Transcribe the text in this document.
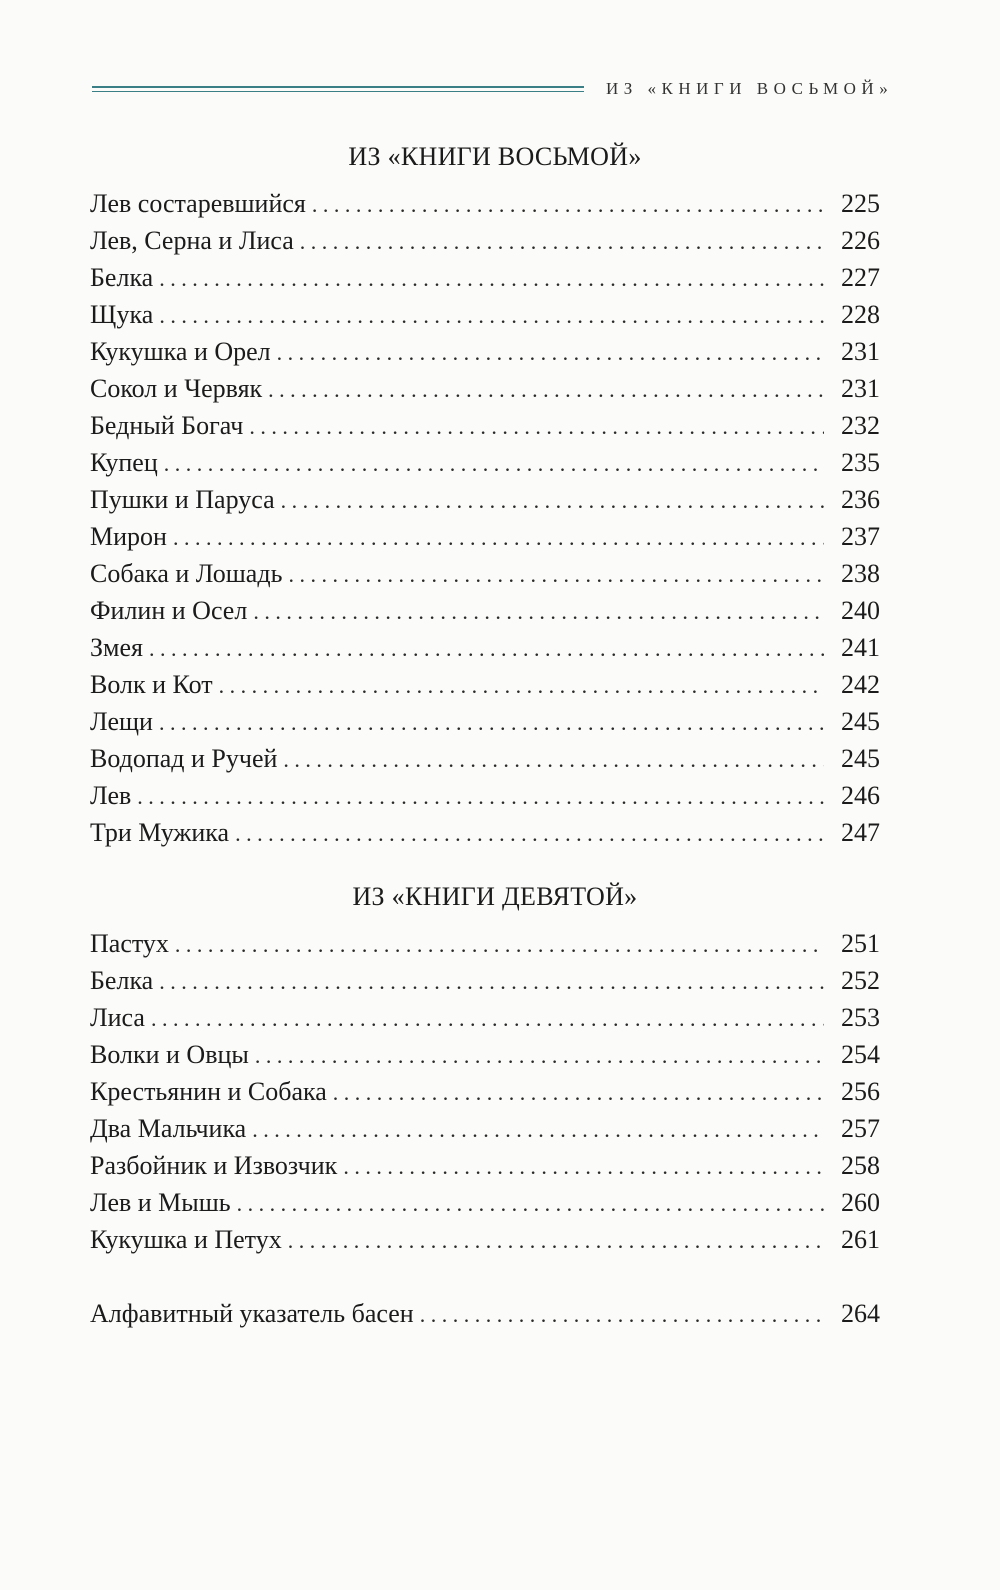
ИЗ «КНИГИ ВОСЬМОЙ»
ИЗ «КНИГИ ВОСЬМОЙ»
Лев состаревшийся . . .	225
Лев, Серна и Лиса . . .	226
Белка . . .	227
Щука . . .	228
Кукушка и Орел . . .	231
Сокол и Червяк . . .	231
Бедный Богач . . .	232
Купец . . .	235
Пушки и Паруса . . .	236
Мирон . . .	237
Собака и Лошадь . . .	238
Филин и Осел . . .	240
Змея . . .	241
Волк и Кот . . .	242
Лещи . . .	245
Водопад и Ручей . . .	245
Лев . . .	246
Три Мужика . . .	247
ИЗ «КНИГИ ДЕВЯТОЙ»
Пастух . . .	251
Белка . . .	252
Лиса . . .	253
Волки и Овцы . . .	254
Крестьянин и Собака . . .	256
Два Мальчика . . .	257
Разбойник и Извозчик . . .	258
Лев и Мышь . . .	260
Кукушка и Петух . . .	261
Алфавитный указатель басен . . .	264
